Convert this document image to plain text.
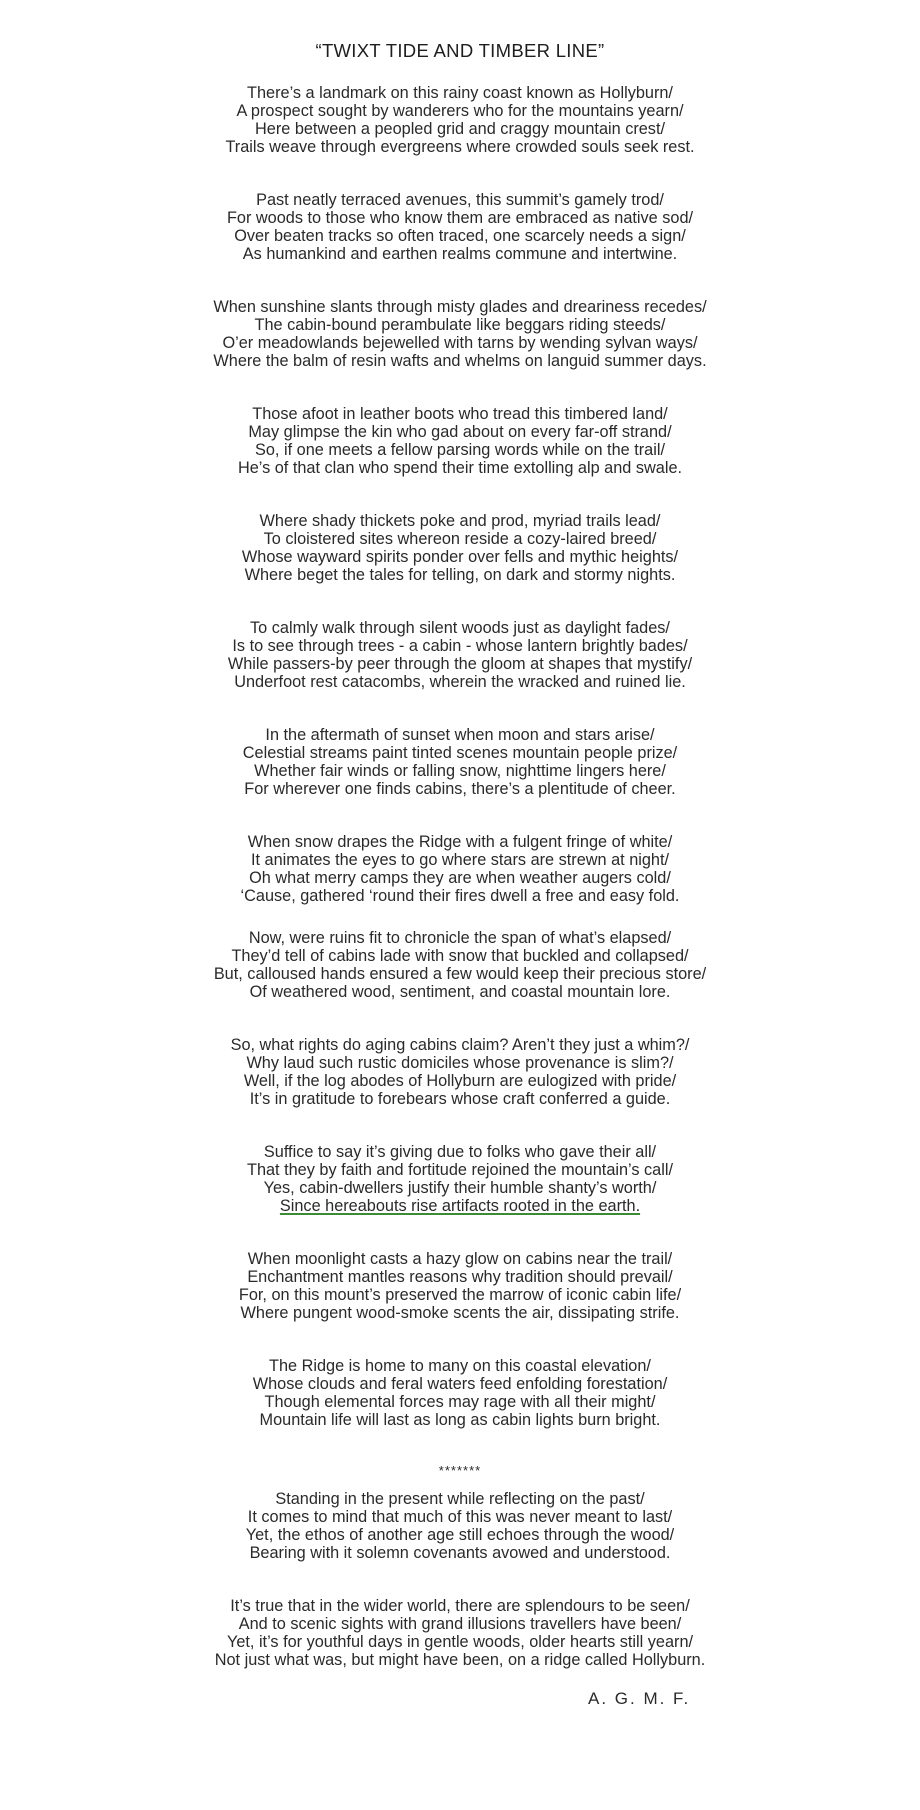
“TWIXT TIDE AND TIMBER LINE”
There’s a landmark on this rainy coast known as Hollyburn/
A prospect sought by wanderers who for the mountains yearn/
Here between a peopled grid and craggy mountain crest/
Trails weave through evergreens where crowded souls seek rest.
Past neatly terraced avenues, this summit’s gamely trod/
For woods to those who know them are embraced as native sod/
Over beaten tracks so often traced, one scarcely needs a sign/
As humankind and earthen realms commune and intertwine.
When sunshine slants through misty glades and dreariness recedes/
The cabin-bound perambulate like beggars riding steeds/
O’er meadowlands bejewelled with tarns by wending sylvan ways/
Where the balm of resin wafts and whelms on languid summer days.
Those afoot in leather boots who tread this timbered land/
May glimpse the kin who gad about on every far-off strand/
So, if one meets a fellow parsing words while on the trail/
He’s of that clan who spend their time extolling alp and swale.
Where shady thickets poke and prod, myriad trails lead/
To cloistered sites whereon reside a cozy-laired breed/
Whose wayward spirits ponder over fells and mythic heights/
Where beget the tales for telling, on dark and stormy nights.
To calmly walk through silent woods just as daylight fades/
Is to see through trees - a cabin - whose lantern brightly bades/
While passers-by peer through the gloom at shapes that mystify/
Underfoot rest catacombs, wherein the wracked and ruined lie.
In the aftermath of sunset when moon and stars arise/
Celestial streams paint tinted scenes mountain people prize/
Whether fair winds or falling snow, nighttime lingers here/
For wherever one finds cabins, there’s a plentitude of cheer.
When snow drapes the Ridge with a fulgent fringe of white/
It animates the eyes to go where stars are strewn at night/
Oh what merry camps they are when weather augers cold/
‘Cause, gathered ‘round their fires dwell a free and easy fold.
Now, were ruins fit to chronicle the span of what’s elapsed/
They’d tell of cabins lade with snow that buckled and collapsed/
But, calloused hands ensured a few would keep their precious store/
Of weathered wood, sentiment, and coastal mountain lore.
So, what rights do aging cabins claim? Aren’t they just a whim?/
Why laud such rustic domiciles whose provenance is slim?/
Well, if the log abodes of Hollyburn are eulogized with pride/
It’s in gratitude to forebears whose craft conferred a guide.
Suffice to say it’s giving due to folks who gave their all/
That they by faith and fortitude rejoined the mountain’s call/
Yes, cabin-dwellers justify their humble shanty’s worth/
Since hereabouts rise artifacts rooted in the earth.
When moonlight casts a hazy glow on cabins near the trail/
Enchantment mantles reasons why tradition should prevail/
For, on this mount’s preserved the marrow of iconic cabin life/
Where pungent wood-smoke scents the air, dissipating strife.
The Ridge is home to many on this coastal elevation/
Whose clouds and feral waters feed enfolding forestation/
Though elemental forces may rage with all their might/
Mountain life will last as long as cabin lights burn bright.
*******
Standing in the present while reflecting on the past/
It comes to mind that much of this was never meant to last/
Yet, the ethos of another age still echoes through the wood/
Bearing with it solemn covenants avowed and understood.
It’s true that in the wider world, there are splendours to be seen/
And to scenic sights with grand illusions travellers have been/
Yet, it’s for youthful days in gentle woods, older hearts still yearn/
Not just what was, but might have been, on a ridge called Hollyburn.
A. G. M. F.
